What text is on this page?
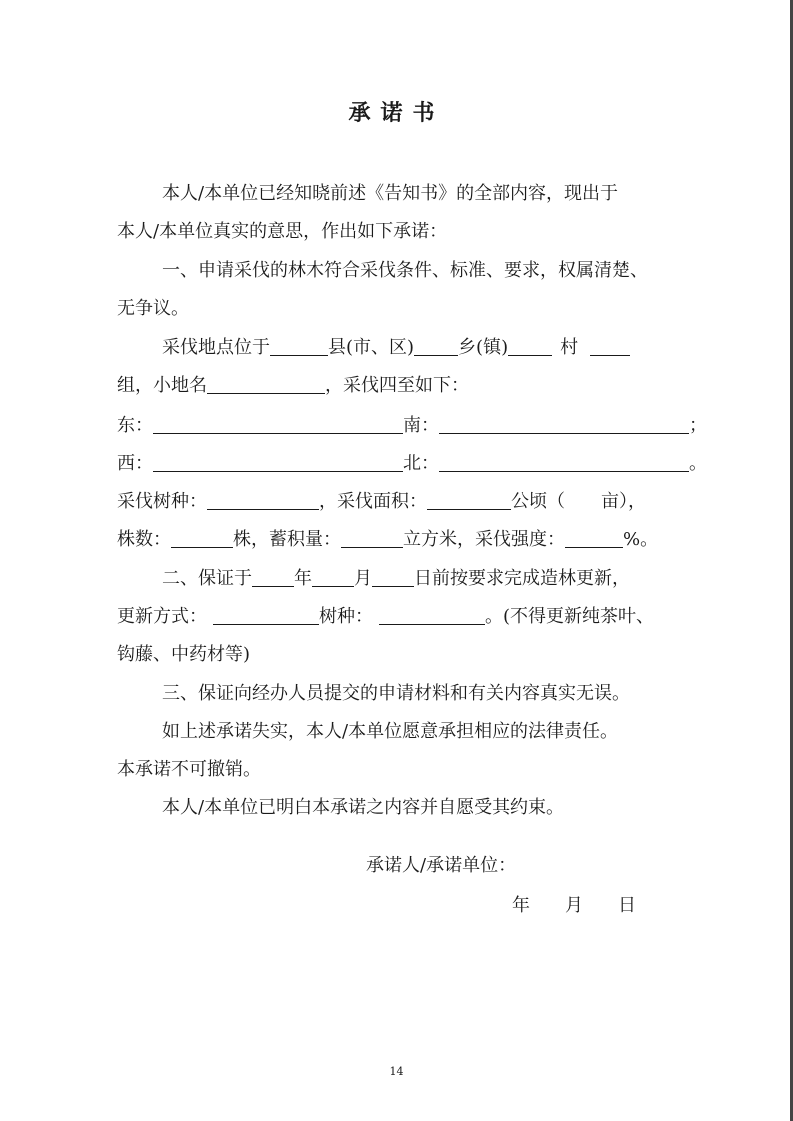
承诺书
本人/本单位已经知晓前述《告知书》的全部内容，现出于
本人/本单位真实的意思，作出如下承诺：
一、申请采伐的林木符合采伐条件、标准、要求，权属清楚、
无争议。
采伐地点位于	县(市、区) 乡(镇)	村
组，小地名	，采伐四至如下：
东：	南：	；
西：	北：	。
采伐树种：	，采伐面积：	公顷（ 亩），
株数：	株，蓄积量：	立方米，采伐强度：	%。
二、保证于 年 月 日前按要求完成造林更新，
更新方式：	树种：	。(不得更新纯茶叶、
钩藤、中药材等)
三、保证向经办人员提交的申请材料和有关内容真实无误。
如上述承诺失实，本人/本单位愿意承担相应的法律责任。
本承诺不可撤销。
本人/本单位已明白本承诺之内容并自愿受其约束。
承诺人/承诺单位：
年 月 日
14
